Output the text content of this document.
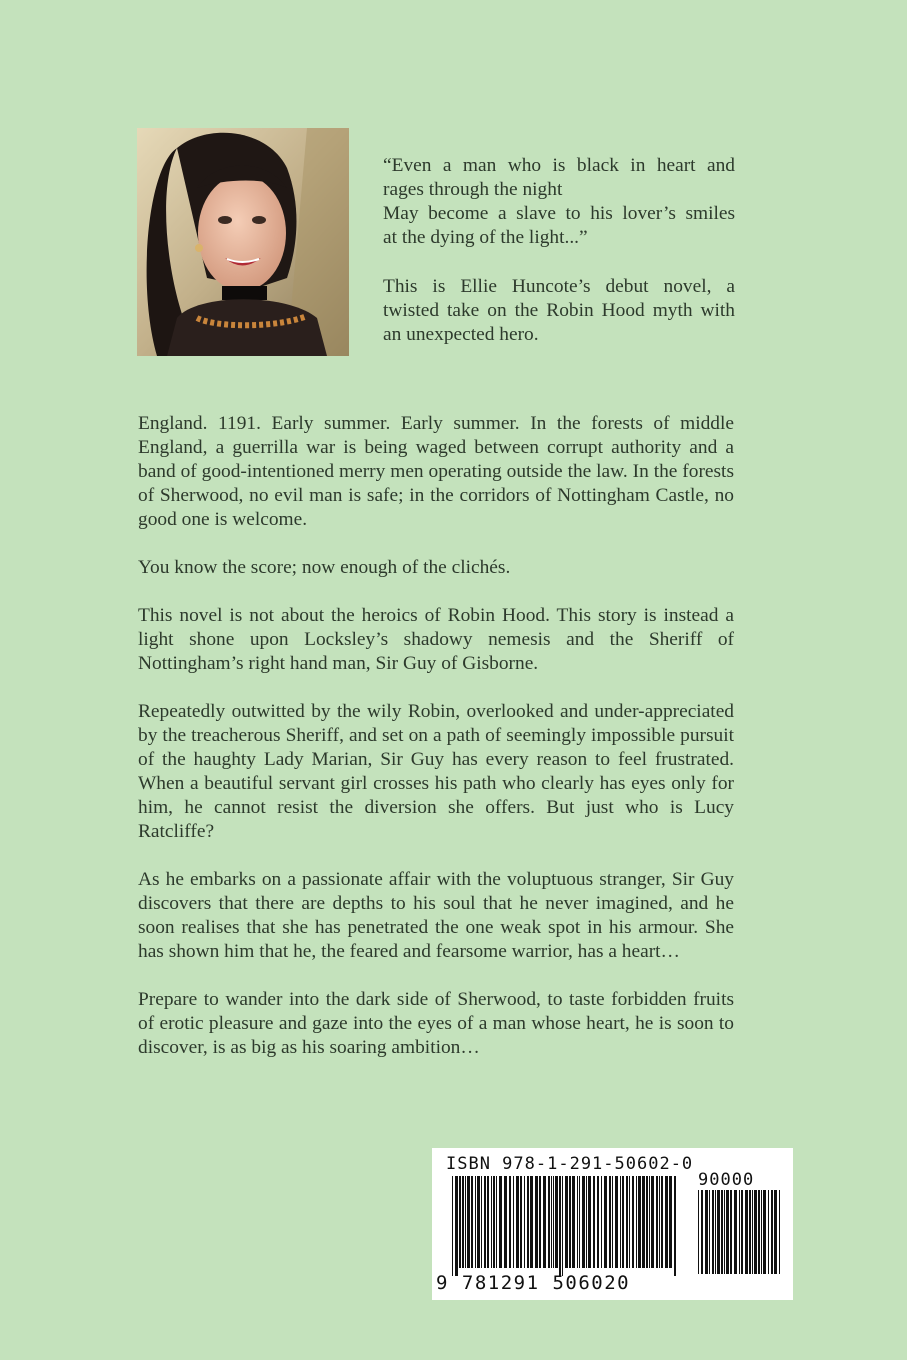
“Even a man who is black in heart and
rages through the night
May become a slave to his lover’s smiles
at the dying of the light...”

This is Ellie Huncote’s debut novel, a twisted take on the Robin Hood myth with an unexpected hero.

England. 1191. Early summer. Early summer. In the forests of middle England, a guerrilla war is being waged between corrupt authority and a band of good-intentioned merry men operating outside the law. In the forests of Sherwood, no evil man is safe; in the corridors of Nottingham Castle, no good one is welcome.

You know the score; now enough of the clichés.

This novel is not about the heroics of Robin Hood. This story is instead a light shone upon Locksley’s shadowy nemesis and the Sheriff of Nottingham’s right hand man, Sir Guy of Gisborne.

Repeatedly outwitted by the wily Robin, overlooked and under-appreciated by the treacherous Sheriff, and set on a path of seemingly impossible pursuit of the haughty Lady Marian, Sir Guy has every reason to feel frustrated. When a beautiful servant girl crosses his path who clearly has eyes only for him, he cannot resist the diversion she offers. But just who is Lucy Ratcliffe?

As he embarks on a passionate affair with the voluptuous stranger, Sir Guy discovers that there are depths to his soul that he never imagined, and he soon realises that she has penetrated the one weak spot in his armour. She has shown him that he, the feared and fearsome warrior, has a heart…

Prepare to wander into the dark side of Sherwood, to taste forbidden fruits of erotic pleasure and gaze into the eyes of a man whose heart, he is soon to discover, is as big as his soaring ambition…

ISBN 978-1-291-50602-0
90000
9 781291 506020
